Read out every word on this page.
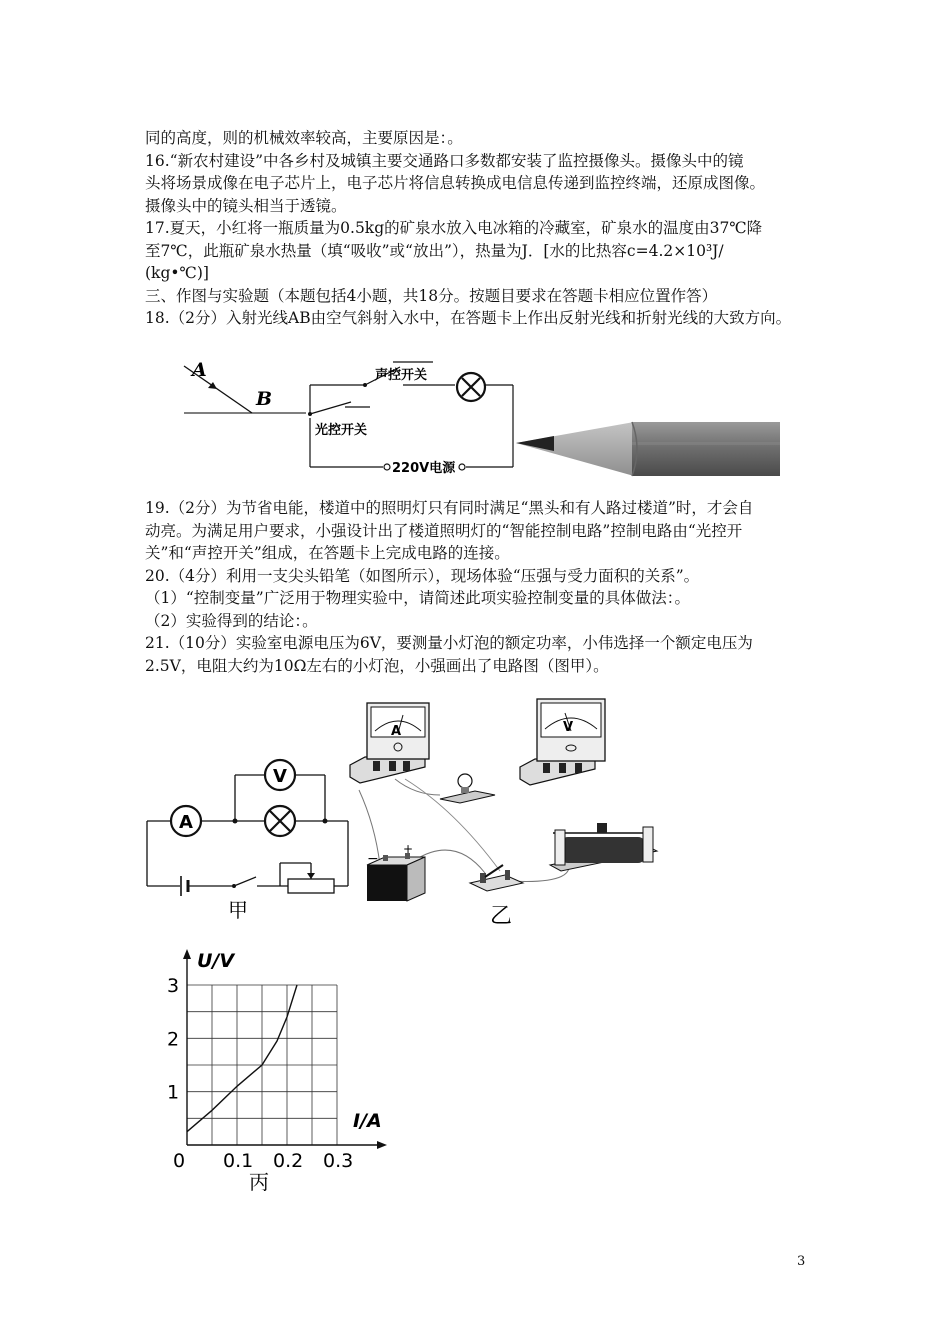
同的高度，则的机械效率较高，主要原因是：。
16.“新农村建设”中各乡村及城镇主要交通路口多数都安装了监控摄像头。摄像头中的镜
头将场景成像在电子芯片上，电子芯片将信息转换成电信息传递到监控终端，还原成图像。
摄像头中的镜头相当于透镜。
17.夏天，小红将一瓶质量为0.5kg的矿泉水放入电冰箱的冷藏室，矿泉水的温度由37℃降
至7℃，此瓶矿泉水热量（填“吸收”或“放出”），热量为J．[水的比热容c=4.2×10³J/
(kg•℃)]
三、作图与实验题（本题包括4小题，共18分。按题目要求在答题卡相应位置作答）
18.（2分）入射光线AB由空气斜射入水中，在答题卡上作出反射光线和折射光线的大致方向。
A
B
声控开关
光控开关
220V电源
19.（2分）为节省电能，楼道中的照明灯只有同时满足“黑头和有人路过楼道”时，才会自
动亮。为满足用户要求，小强设计出了楼道照明灯的“智能控制电路”控制电路由“光控开
关”和“声控开关”组成，在答题卡上完成电路的连接。
20.（4分）利用一支尖头铅笔（如图所示），现场体验“压强与受力面积的关系”。
（1）“控制变量”广泛用于物理实验中，请简述此项实验控制变量的具体做法：。
（2）实验得到的结论：。
21.（10分）实验室电源电压为6V，要测量小灯泡的额定功率，小伟选择一个额定电压为
2.5V，电阻大约为10Ω左右的小灯泡，小强画出了电路图（图甲）。
V
A
甲
A	V
−
+
乙
0.1 0.2 0.3
1
2
3
0
U/V
I/A
丙
3
